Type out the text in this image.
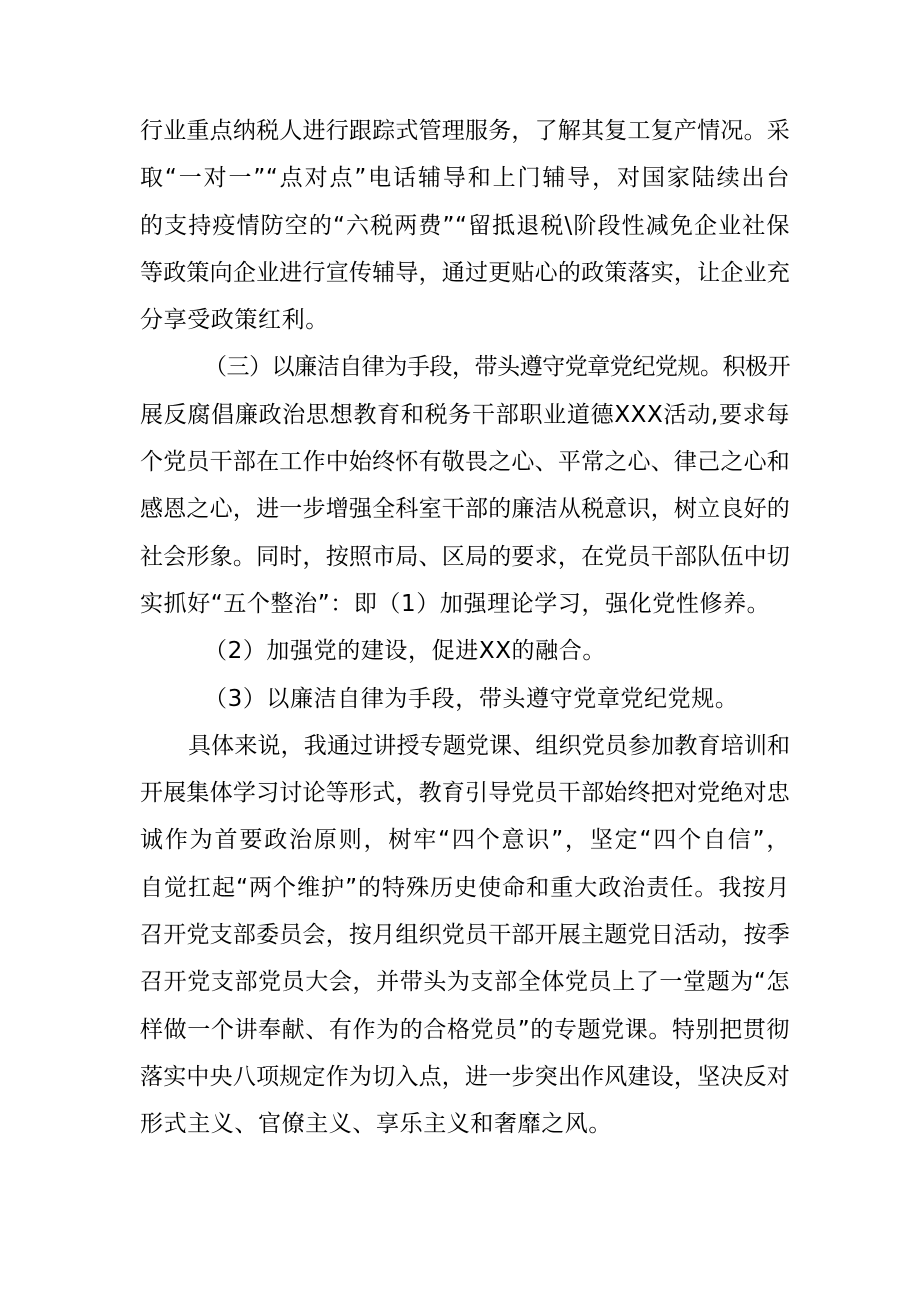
行业重点纳税人进行跟踪式管理服务，了解其复工复产情况。采
取“一对一”“点对点”电话辅导和上门辅导，对国家陆续出台
的支持疫情防空的“六税两费”“留抵退税\阶段性减免企业社保
等政策向企业进行宣传辅导，通过更贴心的政策落实，让企业充
分享受政策红利。
（三）以廉洁自律为手段，带头遵守党章党纪党规。积极开
展反腐倡廉政治思想教育和税务干部职业道德XXX活动,要求每
个党员干部在工作中始终怀有敬畏之心、平常之心、律己之心和
感恩之心，进一步增强全科室干部的廉洁从税意识，树立良好的
社会形象。同时，按照市局、区局的要求，在党员干部队伍中切
实抓好“五个整治”：即（1）加强理论学习，强化党性修养。
（2）加强党的建设，促进XX的融合。
（3）以廉洁自律为手段，带头遵守党章党纪党规。
具体来说，我通过讲授专题党课、组织党员参加教育培训和
开展集体学习讨论等形式，教育引导党员干部始终把对党绝对忠
诚作为首要政治原则，树牢“四个意识”，坚定“四个自信”，
自觉扛起“两个维护”的特殊历史使命和重大政治责任。我按月
召开党支部委员会，按月组织党员干部开展主题党日活动，按季
召开党支部党员大会，并带头为支部全体党员上了一堂题为“怎
样做一个讲奉献、有作为的合格党员”的专题党课。特别把贯彻
落实中央八项规定作为切入点，进一步突出作风建设，坚决反对
形式主义、官僚主义、享乐主义和奢靡之风。
